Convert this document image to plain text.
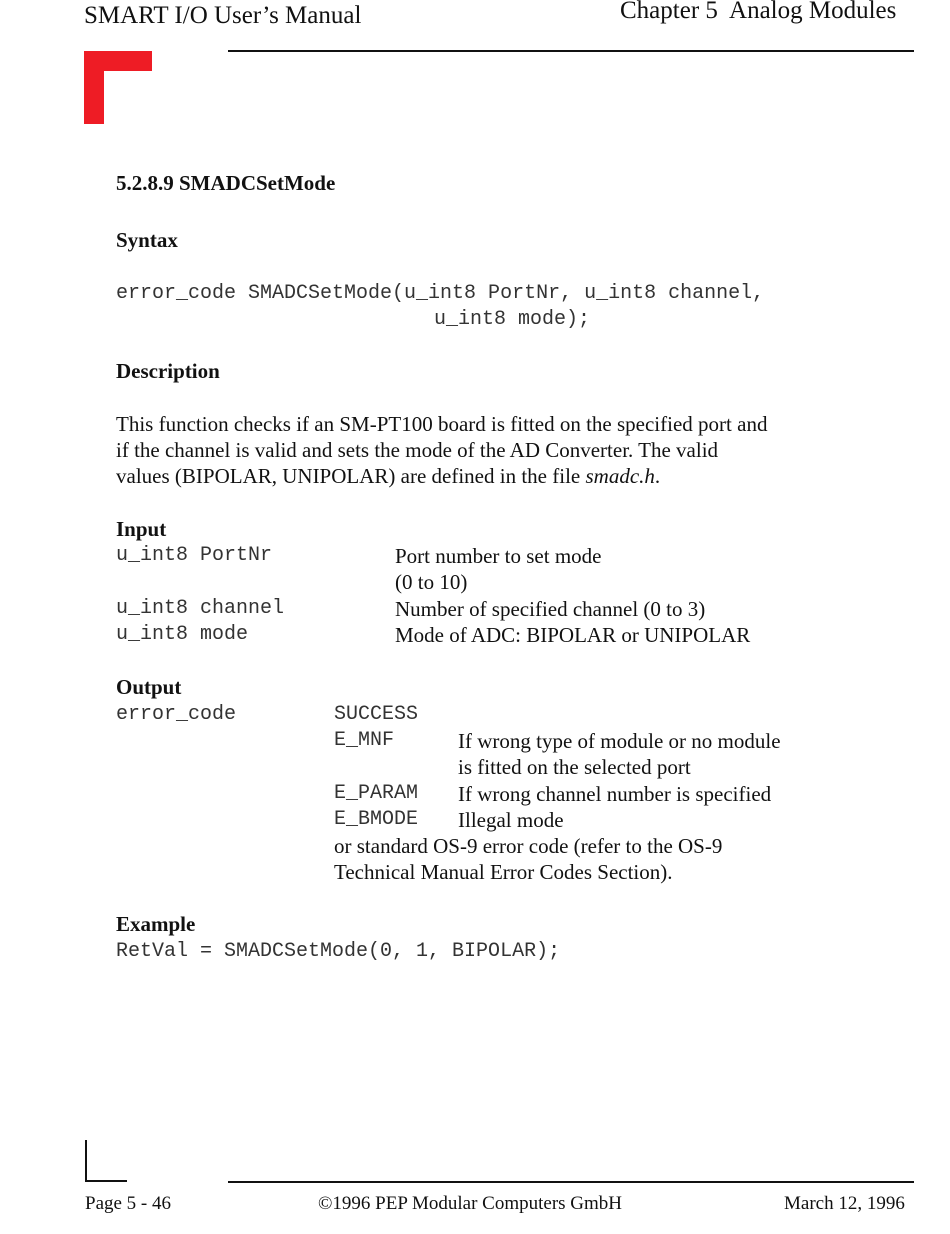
SMART I/O User’s Manual	Chapter 5  Analog Modules
5.2.8.9 SMADCSetMode
Syntax
error_code SMADCSetMode(u_int8 PortNr, u_int8 channel,
u_int8 mode);
Description
This function checks if an SM-PT100 board is fitted on the specified port and
if the channel is valid and sets the mode of the AD Converter. The valid
values (BIPOLAR, UNIPOLAR) are defined in the file smadc.h.
Input
u_int8 PortNr	Port number to set mode
(0 to 10)
u_int8 channel	Number of specified channel (0 to 3)
u_int8 mode	Mode of ADC: BIPOLAR or UNIPOLAR
Output
error_code	SUCCESS
E_MNF	If wrong type of module or no module
is fitted on the selected port
E_PARAM If wrong channel number is specified
E_BMODE Illegal mode
or standard OS-9 error code (refer to the OS-9
Technical Manual Error Codes Section).
Example
RetVal = SMADCSetMode(0, 1, BIPOLAR);
Page 5 - 46	©1996 PEP Modular Computers GmbH	March 12, 1996
